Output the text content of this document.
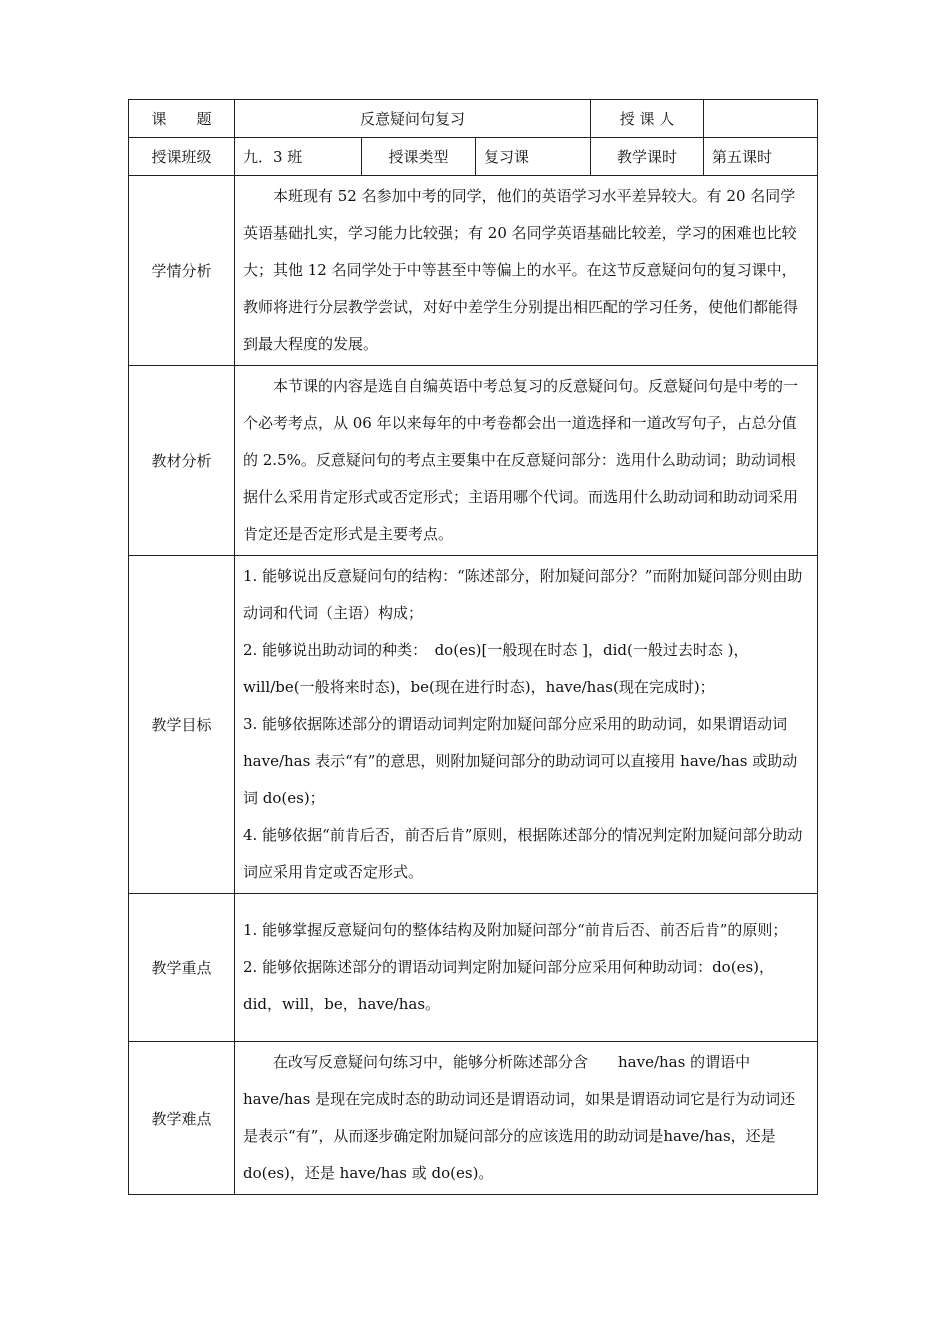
课　　题	反意疑问句复习			授 课 人	
授课班级	九．3 班	授课类型	复习课	教学课时	第五课时
学情分析	本班现有 52 名参加中考的同学，他们的英语学习水平差异较大。有 20 名同学英语基础扎实，学习能力比较强；有 20 名同学英语基础比较差，学习的困难也比较大；其他 12 名同学处于中等甚至中等偏上的水平。在这节反意疑问句的复习课中，教师将进行分层教学尝试，对好中差学生分别提出相匹配的学习任务，使他们都能得到最大程度的发展。				

教材分析	本节课的内容是选自自编英语中考总复习的反意疑问句。反意疑问句是中考的一个必考考点，从 06 年以来每年的中考卷都会出一道选择和一道改写句子，占总分值的 2.5%。反意疑问句的考点主要集中在反意疑问部分：选用什么助动词；助动词根据什么采用肯定形式或否定形式；主语用哪个代词。而选用什么助动词和助动词采用肯定还是否定形式是主要考点。				

教学目标	1. 能够说出反意疑问句的结构：“陈述部分，附加疑问部分？”而附加疑问部分则由助动词和代词（主语）构成；

2. 能够说出助动词的种类：　do(es)[一般现在时态 ]，did(一般过去时态 )，will/be(一般将来时态)，be(现在进行时态)，have/has(现在完成时)；

3. 能够依据陈述部分的谓语动词判定附加疑问部分应采用的助动词，如果谓语动词　have/has 表示“有”的意思，则附加疑问部分的助动词可以直接用 have/has 或助动词 do(es)；

4. 能够依据“前肯后否，前否后肯”原则，根据陈述部分的情况判定附加疑问部分助动词应采用肯定或否定形式。				

教学重点	1. 能够掌握反意疑问句的整体结构及附加疑问部分“前肯后否、前否后肯”的原则；

2. 能够依据陈述部分的谓语动词判定附加疑问部分应采用何种助动词：do(es)，did，will，be，have/has。				

教学难点	在改写反意疑问句练习中，能够分析陈述部分含　　have/has 的谓语中 have/has 是现在完成时态的助动词还是谓语动词，如果是谓语动词它是行为动词还是表示“有”，从而逐步确定附加疑问部分的应该选用的助动词是have/has，还是 do(es)，还是 have/has 或 do(es)。				
